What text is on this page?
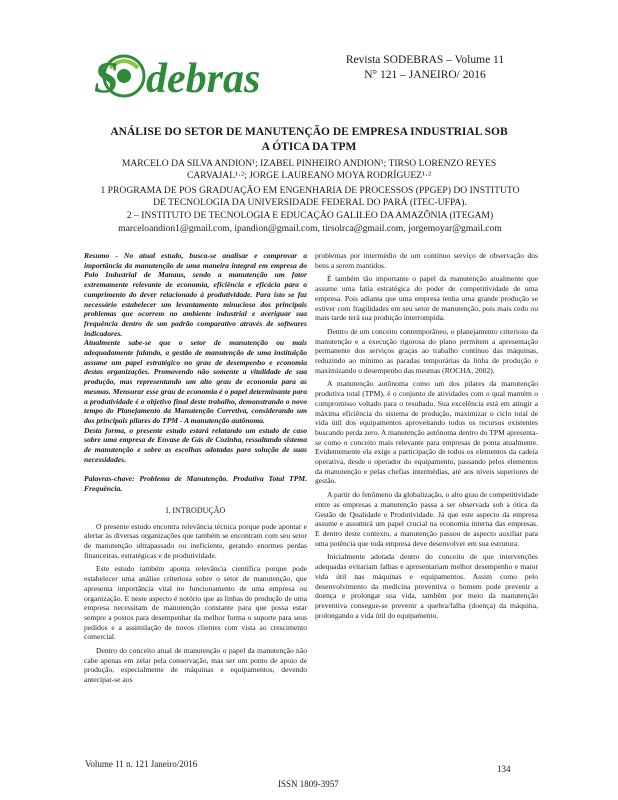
S debras	Revista SODEBRAS – Volume 11
N° 121 – JANEIRO/ 2016
ANÁLISE DO SETOR DE MANUTENÇÃO DE EMPRESA INDUSTRIAL SOB
A ÓTICA DA TPM
MARCELO DA SILVA ANDION¹; IZABEL PINHEIRO ANDION¹; TIRSO LORENZO REYES
CARVAJAL¹·²; JORGE LAUREANO MOYA RODRÍGUEZ¹·²
1 PROGRAMA DE POS GRADUAÇÃO EM ENGENHARIA DE PROCESSOS (PPGEP) DO INSTITUTO
DE TECNOLOGIA DA UNIVERSIDADE FEDERAL DO PARÁ (ITEC-UFPA).
2 – INSTITUTO DE TECNOLOGIA E EDUCAÇÃO GALILEO DA AMAZÔNIA (ITEGAM)
marceloandion1@gmail.com, ipandion@gmail.com, tirsolrca@gmail.com, jorgemoyar@gmail.com

Resumo - No atual estudo, busca-se analisar e comprovar a importância da manutenção de uma maneira integral em empresa do Polo Industrial de Manaus, sendo a manutenção um fator extremamente relevante de economia, eficiência e eficácia para o cumprimento do dever relacionado à produtividade. Para isto se faz necessário estabelecer um levantamento minucioso dos principais problemas que ocorrem no ambiente industrial e averiguar sua frequência dentro de um padrão comparativo através de softwares indicadores.

Atualmente sabe-se que o setor de manutenção ou mais adequadamente falando, a gestão de manutenção de uma instituição assume um papel estratégico no grau de desempenho e economia destas organizações. Promovendo não somente a vitalidade de sua produção, mas representando um alto grau de economia para as mesmas. Mensurar esse grau de economia é o papel determinante para a produtividade é o objetivo final deste trabalho, demonstrando o novo tempo do Planejamento da Manutenção Corretiva, considerando um dos principais pilares do TPM - A manutenção autônoma.

Desta forma, o presente estudo estará relatando um estudo de caso sobre uma empresa de Envase de Gás de Cozinha, ressaltando sistema de manutenção e sobre as escolhas adotadas para solução de suas necessidades.

Palavras-chave: Problema de Manutenção. Produtiva Total TPM. Frequência.

I. INTRODUÇÃO

O presente estudo encontra relevância técnica porque pode apontar e alertar às diversas organizações que também se encontram com seu setor de manutenção ultrapassado ou ineficiente, gerando enormes perdas financeiras, estratégicas e de produtividade.

Este estudo também aponta relevância científica porque pode estabelecer uma análise criteriosa sobre o setor de manutenção, que apresenta importância vital no funcionamento de uma empresa ou organização. E neste aspecto é notório que as linhas de produção de uma empresa necessitam de manutenção constante para que possa estar sempre a postos para desempenhar da melhor forma o suporte para seus pedidos e a assimilação de novos clientes com vista ao crescimento comercial.

Dentro do conceito atual de manutenção o papel da manutenção não cabe apenas em zelar pela conservação, mas ser um ponto de apoio de produção, especialmente de máquinas e equipamentos, devendo antecipar-se aos

problemas por intermédio de um contínuo serviço de observação dos bens a serem mantidos.

É também tão importante o papel da manutenção atualmente que assume uma fatia estratégica do poder de competitividade de uma empresa. Pois adianta que uma empresa tenha uma grande produção se estiver com fragilidades em seu setor de manutenção, pois mais cedo ou mais tarde terá sua produção interrompida.

Dentro de um conceito contemporâneo, o planejamento criterioso da manutenção e a execução rigorosa do plano permitem a apresentação permanente dos serviços graças ao trabalho contínuo das máquinas, reduzindo ao mínimo as paradas temporárias da linha de produção e maximizando o desempenho das mesmas (ROCHA, 2002).

A manutenção autônoma como um dos pilares da manutenção produtiva total (TPM), é o conjunto de atividades com o qual mantém o compromisso voltado para o resultado. Sua excelência está em atingir a máxima eficiência do sistema de produção, maximizar o ciclo total de vida útil dos equipamentos aproveitando todos os recursos existentes buscando perda zero. A manutenção autônoma dentro do TPM apresenta-se como o conceito mais relevante para empresas de ponta atualmente. Evidentemente ela exige a participação de todos os elementos da cadeia operativa, desde o operador do equipamento, passando pelos elementos da manutenção e pelas chefias intermédias, até aos níveis superiores de gestão.

A partir do fenômeno da globalização, o alto grau de competitividade entre as empresas a manutenção passa a ser observada sob a ótica da Gestão de Qualidade e Produtividade. Já que este aspecto da empresa assume e assumirá um papel crucial na economia interna das empresas. E dentro deste contexto, a manutenção passou de aspecto auxiliar para uma potência que toda empresa deve desenvolver em sua estrutura.

Inicialmente adotada dentro do conceito de que intervenções adequadas evitariam falhas e apresentariam melhor desempenho e maior vida útil nas máquinas e equipamentos. Assim como pelo desenvolvimento da medicina preventiva o homem pode prevenir a doença e prolongar sua vida, também por meio da manutenção preventiva consegue-se prevenir a quebra/falha (doença) da máquina, prolongando a vida útil do equipamento.

Volume 11 n. 121 Janeiro/2016
ISSN 1809-3957
134
